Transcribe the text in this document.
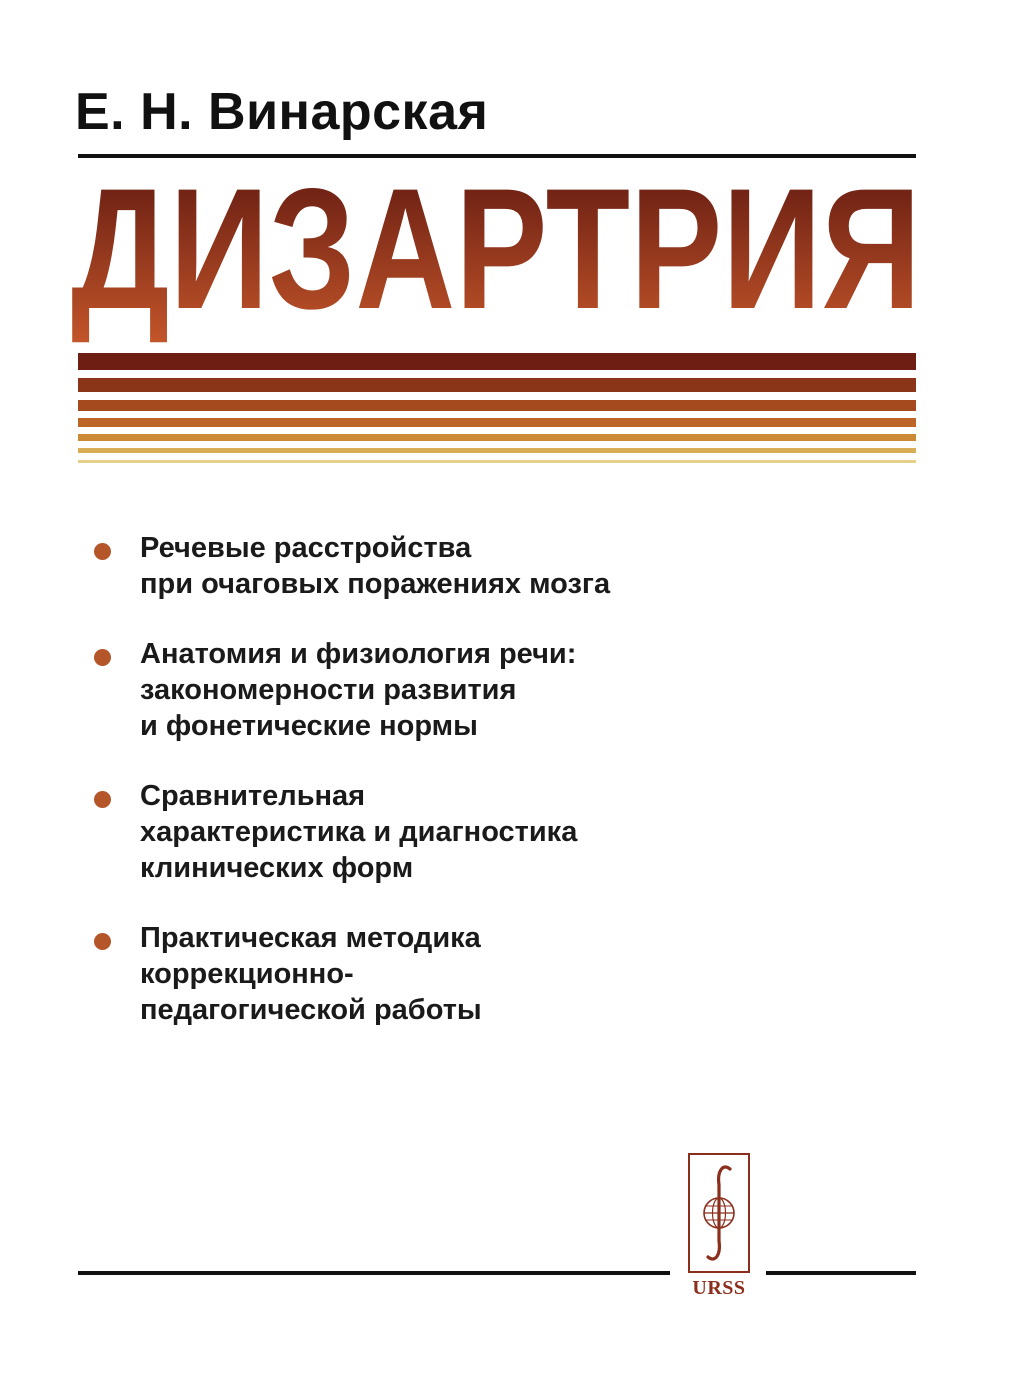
Е. Н. Винарская
ДИЗАРТРИЯ
Речевые расстройства
при очаговых поражениях мозга
Анатомия и физиология речи:
закономерности развития
и фонетические нормы
Сравнительная
характеристика и диагностика
клинических форм
Практическая методика
коррекционно-
педагогической работы
URSS
